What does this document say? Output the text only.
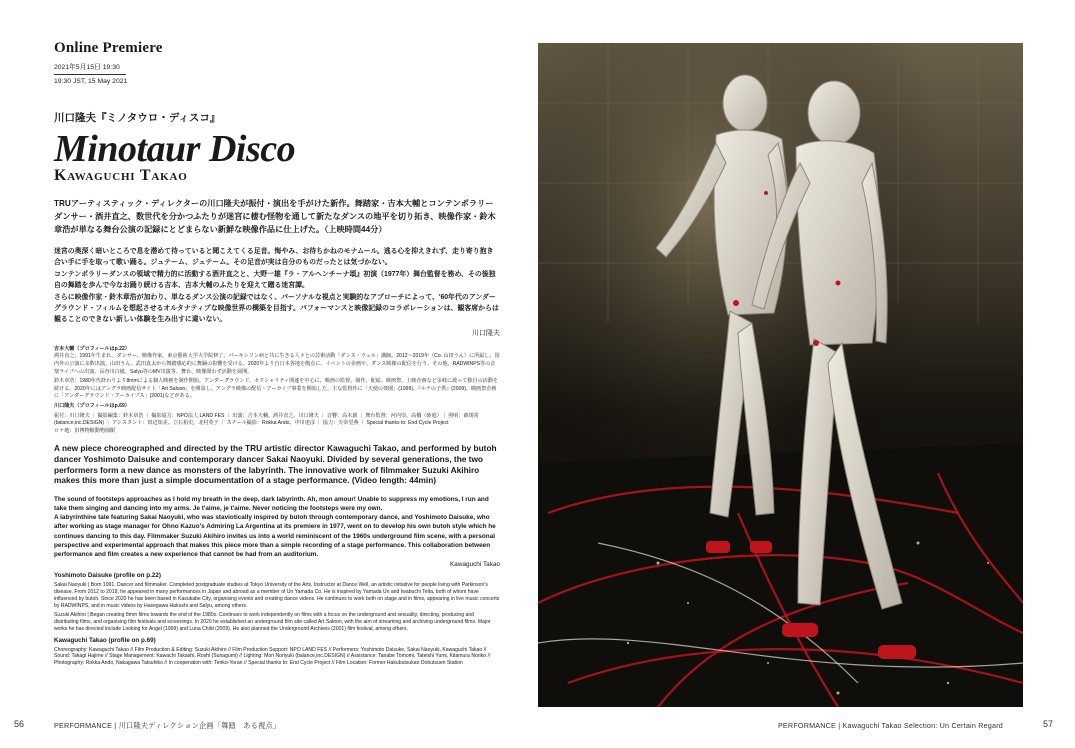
Online Premiere
2021年5月15日 19:30
19:30 JST, 15 May 2021
川口隆夫『ミノタウロ・ディスコ』
Minotaur Disco
Kawaguchi Takao
TRUアーティスティック・ディレクターの川口隆夫が振付・演出を手がけた新作。舞踏家・吉本大輔とコンテンポラリーダンサー・酒井直之、数世代を分かつふたりが迷宮に棲む怪物を通して新たなダンスの地平を切り拓き、映像作家・鈴木章浩が単なる舞台公演の記録にとどまらない新鮮な映像作品に仕上げた。（上映時間44分）
迷宮の奥深く暗いところで息を潜めて待っていると聞こえてくる足音。悔やみ、お待ちかねのモナムール。逃る心を抑えきれず、走り寄り抱き合い手に手を取って歌い踊る。ジュテーム、ジュテーム。その足音が実は自分のものだったとは気づかない。
コンテンポラリーダンスの領域で精力的に活動する酒井直之と、大野一雄『ラ・アルヘンチーナ頌』初演（1977年）舞台監督を務め、その後独自の舞踏を歩んで今なお踊り続ける吉本、吉本大輔のふたりを迎えて贈る迷宮譚。
さらに映像作家・鈴木章浩が加わり、単なるダンス公演の記録ではなく、パーソナルな視点と実験的なアプローチによって、'60年代のアンダーグラウンド・フィルムを想起させるオルタナティブな映像世界の構築を目指す。パフォーマンスと映像記録のコラボレーションは、観客席からは観ることのできない新しい体験を生み出すに違いない。
川口隆夫
吉本大輔（プロフィールはp.22）
酒井直之：1991年生まれ。ダンサー、映像作家。東京藝術大学大学院修了。パーキンソン病と共に生きる人々との芸術活動「ダンス・ウェル」講師。2012〜2019年（Co. 山田うん）に所属し、国内外の公演に多数出演。山田うん、武田真太から舞踏感応的に舞踊の影響を受ける。2020年より自日本各地を拠点に、イベントの企画や、ダンス映像の配信を行う。その他、RADWINPS等の音楽ライブへの出演、長谷川白紙、Salyu等のMV出演等、舞台、映像問わず活動を展開。
鈴木章浩：1980年代終わりより8mmによる個人映画を制作開始。アンダーグラウンド、セクシャリティ関連を中心に、映画の監督、制作、配給、映画祭、上映企画など多岐に渡って独自の活動を続ける。2020年にはアングラ映画配信サイト「Art Saloon」を開設し、アングラ映像の配信・アーカイブ事業を開始した。主な監督作に「天使の楽園」(1999)、『ルナの子供』(2009)、映画祭企画に「アンダーグラウンド・アーカイブス」(2001)などがある。
川口隆夫（プロフィールはp.69）
振付：川口隆夫 ｜ 撮影編集：鈴木章浩 ｜ 撮影協力：NPO法人 LAND FES ｜ 出演：吉本大輔、酒井直之、川口隆夫 ｜ 音響：高木創 ｜ 舞台監督：河内崇、高橋（砂庭）｜ 照明：森規常(balance,inc.DESIGN) ｜ アシスタント：田辺知美、立石裕史、北村英子 ｜ スチール撮影：Rokka Ando、中川達彦 ｜ 協力：天帝堂燕 ｜ Special thanks to: End Cycle Project
ロケ地：旧博物館動物園駅
A new piece choreographed and directed by the TRU artistic director Kawaguchi Takao, and performed by butoh dancer Yoshimoto Daisuke and contemporary dancer Sakai Naoyuki. Divided by several generations, the two performers form a new dance as monsters of the labyrinth. The innovative work of filmmaker Suzuki Akihiro makes this more than just a simple documentation of a stage performance. (Video length: 44min)
The sound of footsteps approaches as I hold my breath in the deep, dark labyrinth. Ah, mon amour! Unable to suppress my emotions, I run and take them singing and dancing into my arms. Je t'aime, je t'aime. Never noticing the footsteps were my own.
A labyrinthine tale featuring Sakai Naoyuki, who was staviotically inspired by butoh through contemporary dance, and Yoshimoto Daisuke, who after working as stage manager for Ohno Kazuo's Admiring La Argentina at its premiere in 1977, went on to develop his own butoh style which he continues dancing to this day. Filmmaker Suzuki Akihiro invites us into a world reminiscent of the 1960s underground film scene, with a personal perspective and experimental approach that makes this piece more than a simple recording of a stage performance. This collaboration between performance and film creates a new experience that cannot be had from an auditorium.
Kawaguchi Takao
Yoshimoto Daisuke (profile on p.22)
Sakai Naoyuki | Born 1991. Dancer and filmmaker. Completed postgraduate studies at Tokyo University of the Arts. Instructor at Dance Well, an artistic initiative for people living with Parkinson's disease. From 2012 to 2019, he appeared in many performances in Japan and abroad as a member of Un Yamada Co. He is inspired by Yamada Un and Iwabuchi Teita, both of whom have influenced by butoh. Since 2020 he has been based in Kasukabe City, organising events and creating dance videos. He continues to work both on stage and in films, appearing in live music concerts by RADWINPS, and in music videos by Hasegawa Hakushi and Salyu, among others.
Suzuki Akihiro | Began creating 8mm films towards the end of the 1980s. Continues to work independently on films with a focus on the underground and sexuality, directing, producing and distributing films, and organising film festivals and screenings. In 2020 he established an underground film site called Art Saloon, with the aim of streaming and archiving underground films. Major works he has directed include Looking for Angel (1999) and Luna Child (2009). He also planned the Underground Archives (2001) film festival, among others.
Kawaguchi Takao (profile on p.69)
Choreography: Kawaguchi Takao // Film Production & Editing: Suzuki Akihiro // Film Production Support: NPO LAND FES // Performers: Yoshimoto Daisuke, Sakai Naoyuki, Kawaguchi Takao // Sound: Takagi Hajime // Stage Management: Kawachi Takashi, Roshi (Sunagumi) // Lighting: Mori Noriyuki (balance,inc.DESIGN) // Assistance: Tanabe Tomomi, Tateishi Yumi, Kitamura Noriko // Photography: Rokka Ando, Nakagawa Tatsuhiko // In cooperation with: Tenko-Yoran // Special thanks to: End Cycle Project // Film Location: Former Hakubutsukan Dobutsuen Station
56	PERFORMANCE | 川口隆夫ディレクション企画「舞踏　ある視点」	PERFORMANCE | Kawaguchi Takao Selection: Un Certain Regard	57
